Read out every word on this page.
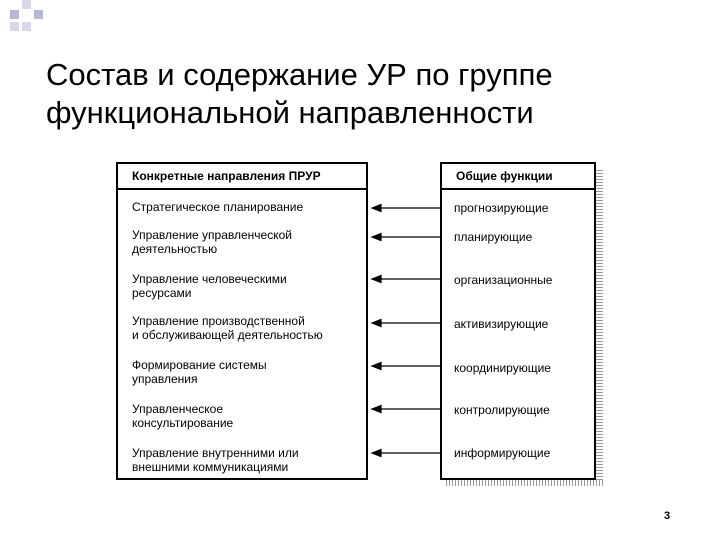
Состав и содержание УР по группе
функциональной направленности
Конкретные направления ПРУР
Стратегическое планирование
Управление управленческой
деятельностью
Управление человеческими
ресурсами
Управление производственной
и обслуживающей деятельностью
Формирование системы
управления
Управленческое
консультирование
Управление внутренними или
внешними коммуникациями
Общие функции
прогнозирующие
планирующие
организационные
активизирующие
координирующие
контролирующие
информирующие
3
